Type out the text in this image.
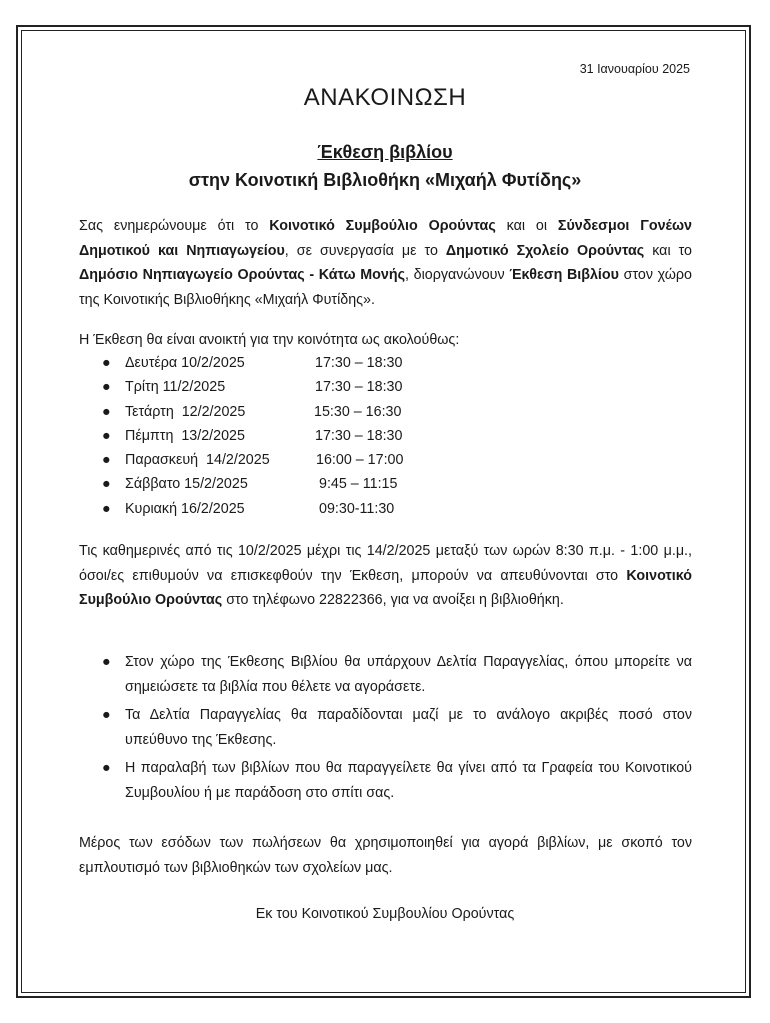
31 Ιανουαρίου 2025
ΑΝΑΚΟΙΝΩΣΗ
Έκθεση βιβλίου
στην Κοινοτική Βιβλιοθήκη «Μιχαήλ Φυτίδης»

Σας ενημερώνουμε ότι το Κοινοτικό Συμβούλιο Ορούντας και οι Σύνδεσμοι Γονέων Δημοτικού και Νηπιαγωγείου, σε συνεργασία με το Δημοτικό Σχολείο Ορούντας και το Δημόσιο Νηπιαγωγείο Ορούντας - Κάτω Μονής, διοργανώνουν Έκθεση Βιβλίου στον χώρο της Κοινοτικής Βιβλιοθήκης «Μιχαήλ Φυτίδης».

Η Έκθεση θα είναι ανοικτή για την κοινότητα ως ακολούθως:

● Δευτέρα 10/2/2025	17:30 – 18:30
● Τρίτη 11/2/2025	17:30 – 18:30
● Τετάρτη  12/2/2025	15:30 – 16:30
● Πέμπτη  13/2/2025	17:30 – 18:30
● Παρασκευή  14/2/2025	16:00 – 17:00
● Σάββατο 15/2/2025	9:45 – 11:15
● Κυριακή 16/2/2025	09:30-11:30

Τις καθημερινές από τις 10/2/2025 μέχρι τις 14/2/2025 μεταξύ των ωρών 8:30 π.μ. - 1:00 μ.μ., όσοι/ες επιθυμούν να επισκεφθούν την Έκθεση, μπορούν να απευθύνονται στο Κοινοτικό Συμβούλιο Ορούντας στο τηλέφωνο 22822366, για να ανοίξει η βιβλιοθήκη.

● Στον χώρο της Έκθεσης Βιβλίου θα υπάρχουν Δελτία Παραγγελίας, όπου μπορείτε να σημειώσετε τα βιβλία που θέλετε να αγοράσετε.
● Τα Δελτία Παραγγελίας θα παραδίδονται μαζί με το ανάλογο ακριβές ποσό στον υπεύθυνο της Έκθεσης.
● Η παραλαβή των βιβλίων που θα παραγγείλετε θα γίνει από τα Γραφεία του Κοινοτικού Συμβουλίου ή με παράδοση στο σπίτι σας.

Μέρος των εσόδων των πωλήσεων θα χρησιμοποιηθεί για αγορά βιβλίων, με σκοπό τον εμπλουτισμό των βιβλιοθηκών των σχολείων μας.

Εκ του Κοινοτικού Συμβουλίου Ορούντας
